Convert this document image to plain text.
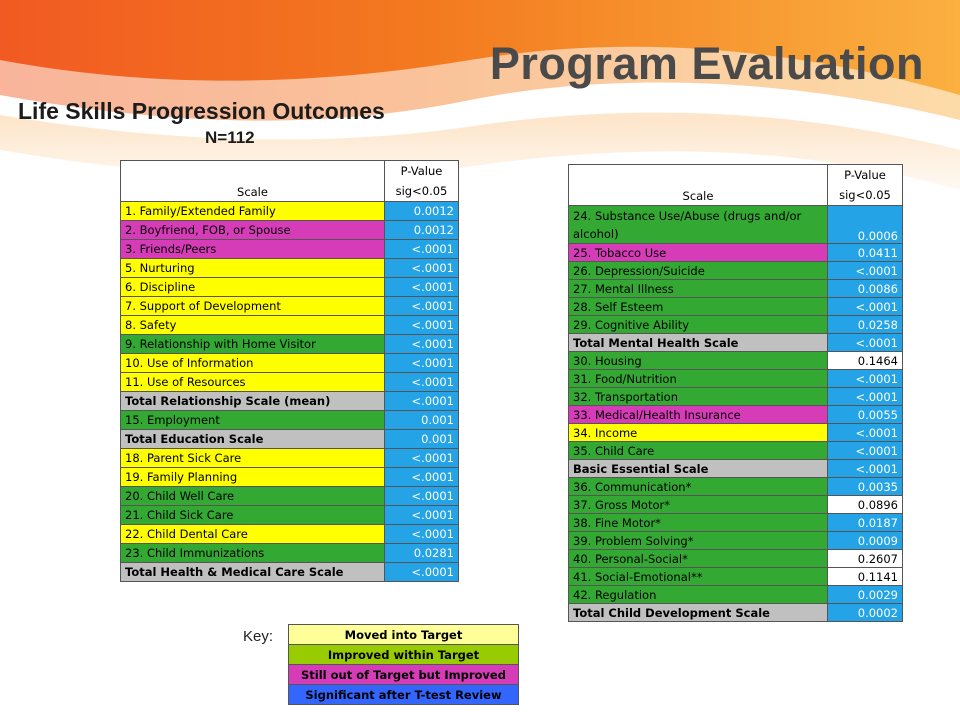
Program Evaluation
Life Skills Progression Outcomes
N=112
Scale	P-Value
sig<0.05
1. Family/Extended Family	0.0012
2. Boyfriend, FOB, or Spouse	0.0012
3. Friends/Peers	<.0001
5. Nurturing	<.0001
6. Discipline	<.0001
7. Support of Development	<.0001
8. Safety	<.0001
9. Relationship with Home Visitor	<.0001
10. Use of Information	<.0001
11. Use of Resources	<.0001
Total Relationship Scale (mean)	<.0001
15. Employment	0.001
Total Education Scale	0.001
18. Parent Sick Care	<.0001
19. Family Planning	<.0001
20. Child Well Care	<.0001
21. Child Sick Care	<.0001
22. Child Dental Care	<.0001
23. Child Immunizations	0.0281
Total Health & Medical Care Scale	<.0001
Scale	P-Value
sig<0.05
24. Substance Use/Abuse (drugs and/or
alcohol)	0.0006
25. Tobacco Use	0.0411
26. Depression/Suicide	<.0001
27. Mental Illness	0.0086
28. Self Esteem	<.0001
29. Cognitive Ability	0.0258
Total Mental Health Scale	<.0001
30. Housing	0.1464
31. Food/Nutrition	<.0001
32. Transportation	<.0001
33. Medical/Health Insurance	0.0055
34. Income	<.0001
35. Child Care	<.0001
Basic Essential Scale	<.0001
36. Communication*	0.0035
37. Gross Motor*	0.0896
38. Fine Motor*	0.0187
39. Problem Solving*	0.0009
40. Personal-Social*	0.2607
41. Social-Emotional**	0.1141
42. Regulation	0.0029
Total Child Development Scale	0.0002
Key:	Moved into Target
Improved within Target
Still out of Target but Improved
Significant after T-test Review
